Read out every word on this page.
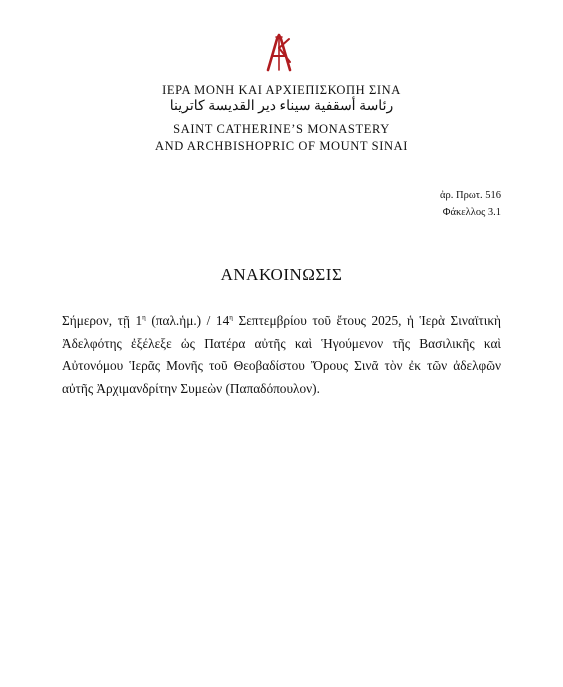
ΙΕΡΑ ΜΟΝΗ ΚΑΙ ΑΡΧΙΕΠΙΣΚΟΠΗ ΣΙΝΑ
رئاسة أسقفية سيناء دير القديسة كاترينا
SAINT CATHERINE’S MONASTERY
AND ARCHBISHOPRIC OF MOUNT SINAI
ἀρ. Πρωτ. 516
Φάκελλος 3.1
ΑΝΑΚΟΙΝΩΣΙΣ
Σήμερον, τῇ $1^\eta$ (παλ.ἡμ.) / $14^\eta$ Σεπτεμβρίου τοῦ ἔτους 2025, ἡ Ἱερὰ Σιναϊτικὴ Ἀδελφότης ἐξέλεξε ὡς Πατέρα αὐτῆς καὶ Ἡγούμενον τῆς Βασιλικῆς καὶ Αὐτονόμου Ἱερᾶς Μονῆς τοῦ Θεοβαδίστου Ὄρους Σινᾶ τὸν ἐκ τῶν ἀδελφῶν αὐτῆς Ἀρχιμανδρίτην Συμεὼν (Παπαδόπουλον).
